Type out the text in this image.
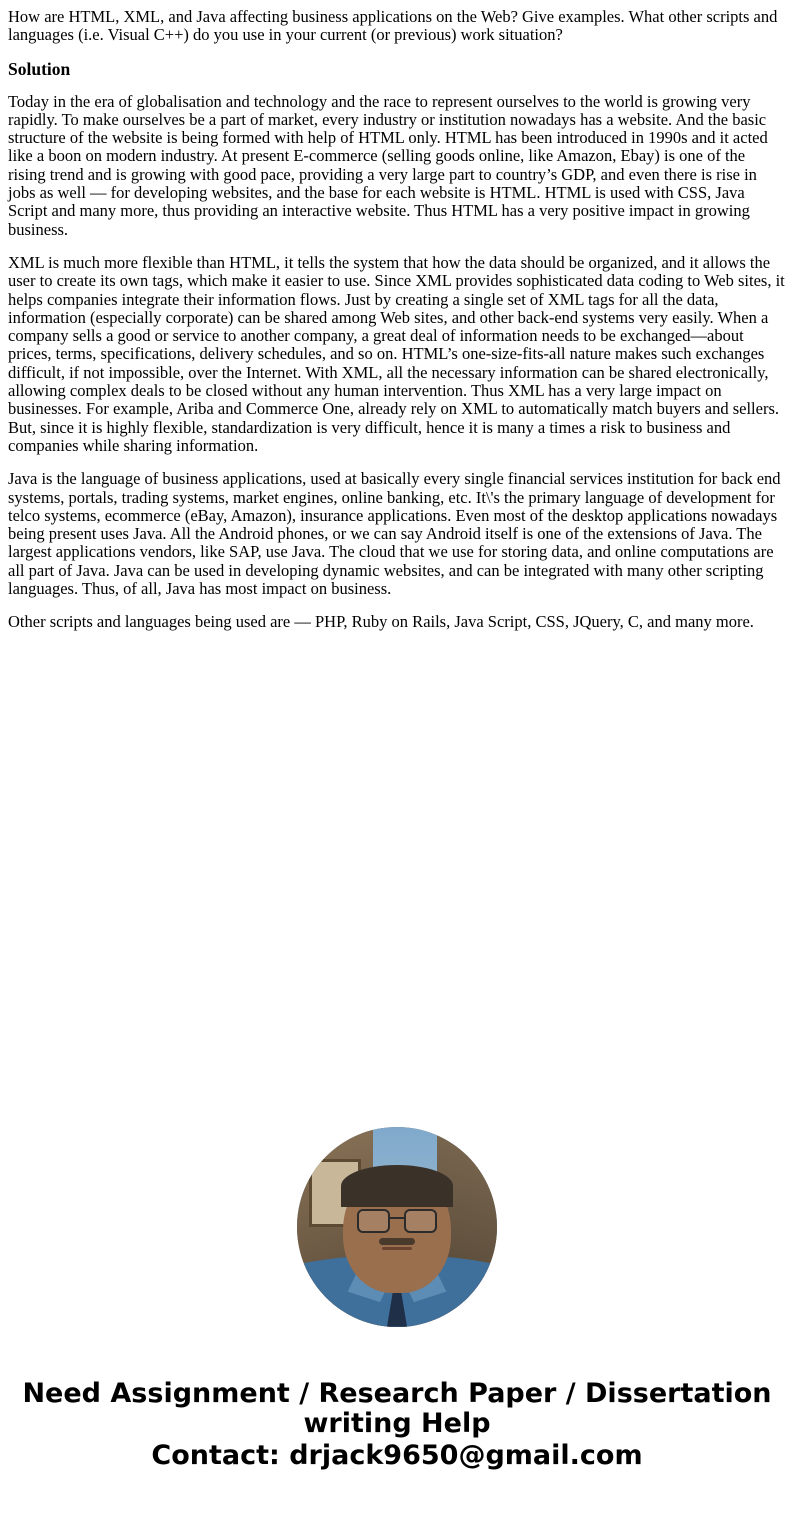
How are HTML, XML, and Java affecting business applications on the Web? Give examples. What other scripts and languages (i.e. Visual C++) do you use in your current (or previous) work situation?

Solution

Today in the era of globalisation and technology and the race to represent ourselves to the world is growing very rapidly. To make ourselves be a part of market, every industry or institution nowadays has a website. And the basic structure of the website is being formed with help of HTML only. HTML has been introduced in 1990s and it acted like a boon on modern industry. At present E-commerce (selling goods online, like Amazon, Ebay) is one of the rising trend and is growing with good pace, providing a very large part to country’s GDP, and even there is rise in jobs as well — for developing websites, and the base for each website is HTML. HTML is used with CSS, Java Script and many more, thus providing an interactive website. Thus HTML has a very positive impact in growing business.

XML is much more flexible than HTML, it tells the system that how the data should be organized, and it allows the user to create its own tags, which make it easier to use. Since XML provides sophisticated data coding to Web sites, it helps companies integrate their information flows. Just by creating a single set of XML tags for all the data, information (especially corporate) can be shared among Web sites, and other back-end systems very easily. When a company sells a good or service to another company, a great deal of information needs to be exchanged—about prices, terms, specifications, delivery schedules, and so on. HTML’s one-size-fits-all nature makes such exchanges difficult, if not impossible, over the Internet. With XML, all the necessary information can be shared electronically, allowing complex deals to be closed without any human intervention. Thus XML has a very large impact on businesses. For example, Ariba and Commerce One, already rely on XML to automatically match buyers and sellers. But, since it is highly flexible, standardization is very difficult, hence it is many a times a risk to business and companies while sharing information.

Java is the language of business applications, used at basically every single financial services institution for back end systems, portals, trading systems, market engines, online banking, etc. It\'s the primary language of development for telco systems, ecommerce (eBay, Amazon), insurance applications. Even most of the desktop applications nowadays being present uses Java. All the Android phones, or we can say Android itself is one of the extensions of Java. The largest applications vendors, like SAP, use Java. The cloud that we use for storing data, and online computations are all part of Java. Java can be used in developing dynamic websites, and can be integrated with many other scripting languages. Thus, of all, Java has most impact on business.

Other scripts and languages being used are — PHP, Ruby on Rails, Java Script, CSS, JQuery, C, and many more.

Need Assignment / Research Paper / Dissertation writing Help
Contact: drjack9650@gmail.com
